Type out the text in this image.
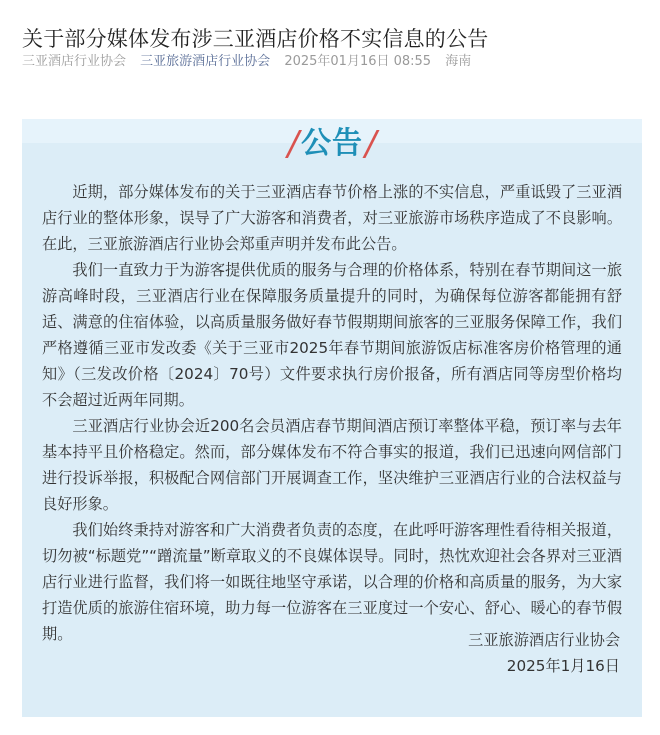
关于部分媒体发布涉三亚酒店价格不实信息的公告
三亚酒店行业协会 三亚旅游酒店行业协会 2025年01月16日 08:55 海南
/公告/

近期，部分媒体发布的关于三亚酒店春节价格上涨的不实信息，严重诋毁了三亚酒店行业的整体形象，误导了广大游客和消费者，对三亚旅游市场秩序造成了不良影响。在此，三亚旅游酒店行业协会郑重声明并发布此公告。

我们一直致力于为游客提供优质的服务与合理的价格体系，特别在春节期间这一旅游高峰时段，三亚酒店行业在保障服务质量提升的同时，为确保每位游客都能拥有舒适、满意的住宿体验，以高质量服务做好春节假期期间旅客的三亚服务保障工作，我们严格遵循三亚市发改委《关于三亚市2025年春节期间旅游饭店标准客房价格管理的通知》（三发改价格〔2024〕70号）文件要求执行房价报备，所有酒店同等房型价格均不会超过近两年同期。

三亚酒店行业协会近200名会员酒店春节期间酒店预订率整体平稳，预订率与去年基本持平且价格稳定。然而，部分媒体发布不符合事实的报道，我们已迅速向网信部门进行投诉举报，积极配合网信部门开展调查工作，坚决维护三亚酒店行业的合法权益与良好形象。

我们始终秉持对游客和广大消费者负责的态度，在此呼吁游客理性看待相关报道，切勿被“标题党”“蹭流量”断章取义的不良媒体误导。同时，热忱欢迎社会各界对三亚酒店行业进行监督，我们将一如既往地坚守承诺，以合理的价格和高质量的服务，为大家打造优质的旅游住宿环境，助力每一位游客在三亚度过一个安心、舒心、暖心的春节假期。	三亚旅游酒店行业协会
2025年1月16日
